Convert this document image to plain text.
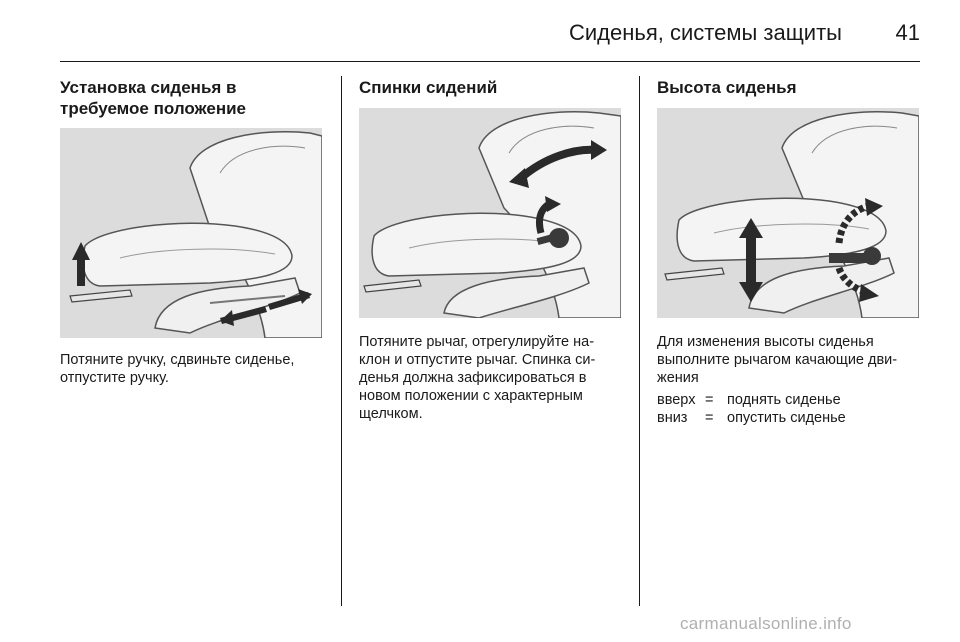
Сиденья, системы защиты 41
Установка сиденья в
требуемое положение

Потяните ручку, сдвиньте сиденье,
отпустите ручку.

Спинки сидений

Потяните рычаг, отрегулируйте на-
клон и отпустите рычаг. Спинка си-
денья должна зафиксироваться в
новом положении с характерным
щелчком.

Высота сиденья

Для изменения высоты сиденья
выполните рычагом качающие дви-
жения

вверх = поднять сиденье
вниз = опустить сиденье
carmanualsonline.info
